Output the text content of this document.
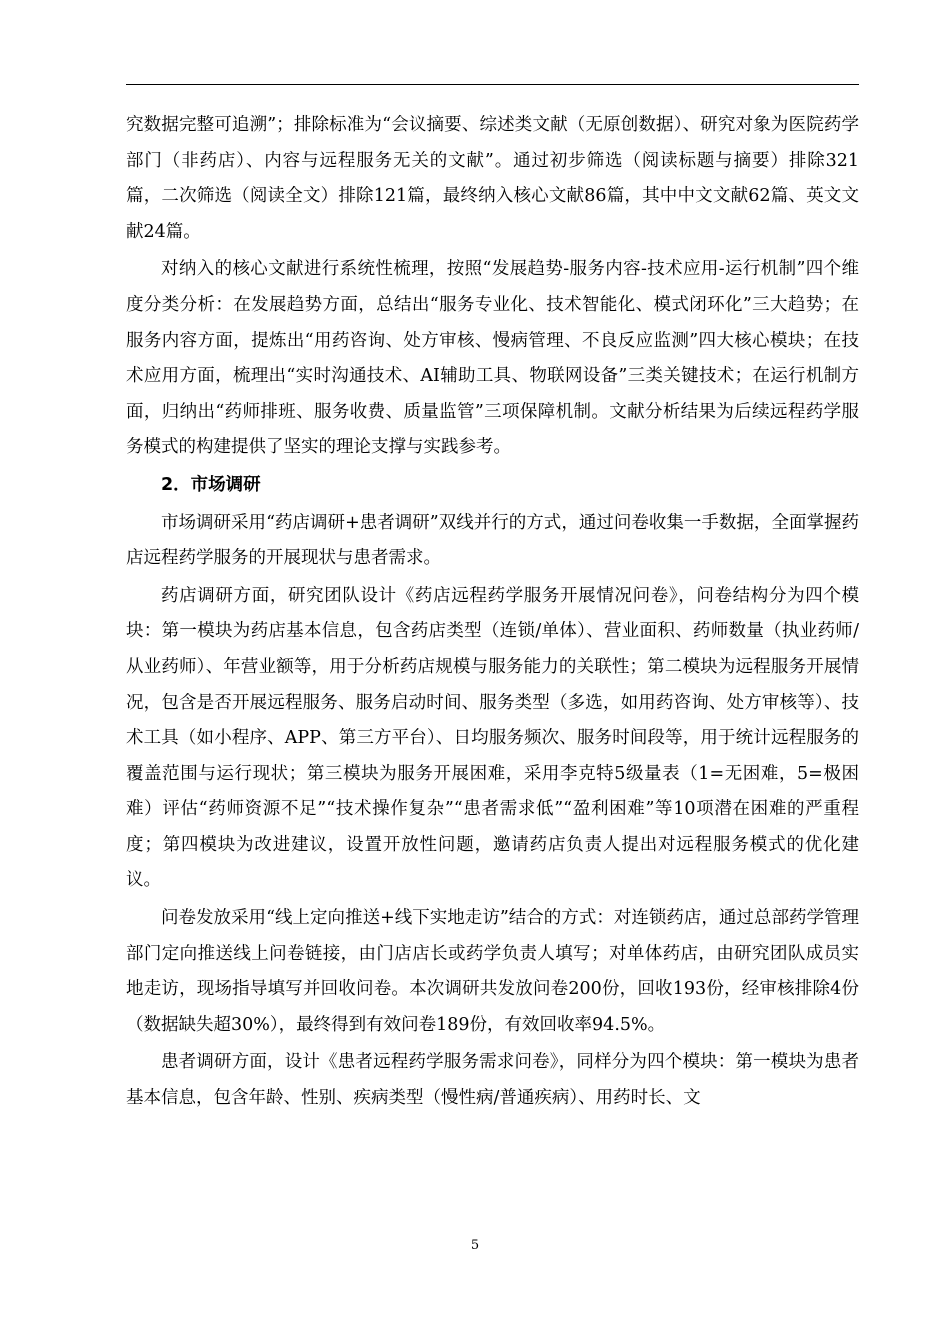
究数据完整可追溯”；排除标准为“会议摘要、综述类文献（无原创数据）、研究对象为医院药学部门（非药店）、内容与远程服务无关的文献”。通过初步筛选（阅读标题与摘要）排除321篇，二次筛选（阅读全文）排除121篇，最终纳入核心文献86篇，其中中文文献62篇、英文文献24篇。

对纳入的核心文献进行系统性梳理，按照“发展趋势-服务内容-技术应用-运行机制”四个维度分类分析：在发展趋势方面，总结出“服务专业化、技术智能化、模式闭环化”三大趋势；在服务内容方面，提炼出“用药咨询、处方审核、慢病管理、不良反应监测”四大核心模块；在技术应用方面，梳理出“实时沟通技术、AI辅助工具、物联网设备”三类关键技术；在运行机制方面，归纳出“药师排班、服务收费、质量监管”三项保障机制。文献分析结果为后续远程药学服务模式的构建提供了坚实的理论支撑与实践参考。

2．市场调研

市场调研采用“药店调研+患者调研”双线并行的方式，通过问卷收集一手数据，全面掌握药店远程药学服务的开展现状与患者需求。

药店调研方面，研究团队设计《药店远程药学服务开展情况问卷》，问卷结构分为四个模块：第一模块为药店基本信息，包含药店类型（连锁/单体）、营业面积、药师数量（执业药师/从业药师）、年营业额等，用于分析药店规模与服务能力的关联性；第二模块为远程服务开展情况，包含是否开展远程服务、服务启动时间、服务类型（多选，如用药咨询、处方审核等）、技术工具（如小程序、APP、第三方平台）、日均服务频次、服务时间段等，用于统计远程服务的覆盖范围与运行现状；第三模块为服务开展困难，采用李克特5级量表（1=无困难，5=极困难）评估“药师资源不足”“技术操作复杂”“患者需求低”“盈利困难”等10项潜在困难的严重程度；第四模块为改进建议，设置开放性问题，邀请药店负责人提出对远程服务模式的优化建议。

问卷发放采用“线上定向推送+线下实地走访”结合的方式：对连锁药店，通过总部药学管理部门定向推送线上问卷链接，由门店店长或药学负责人填写；对单体药店，由研究团队成员实地走访，现场指导填写并回收问卷。本次调研共发放问卷200份，回收193份，经审核排除4份（数据缺失超30%），最终得到有效问卷189份，有效回收率94.5%。

患者调研方面，设计《患者远程药学服务需求问卷》，同样分为四个模块：第一模块为患者基本信息，包含年龄、性别、疾病类型（慢性病/普通疾病）、用药时长、文

5
